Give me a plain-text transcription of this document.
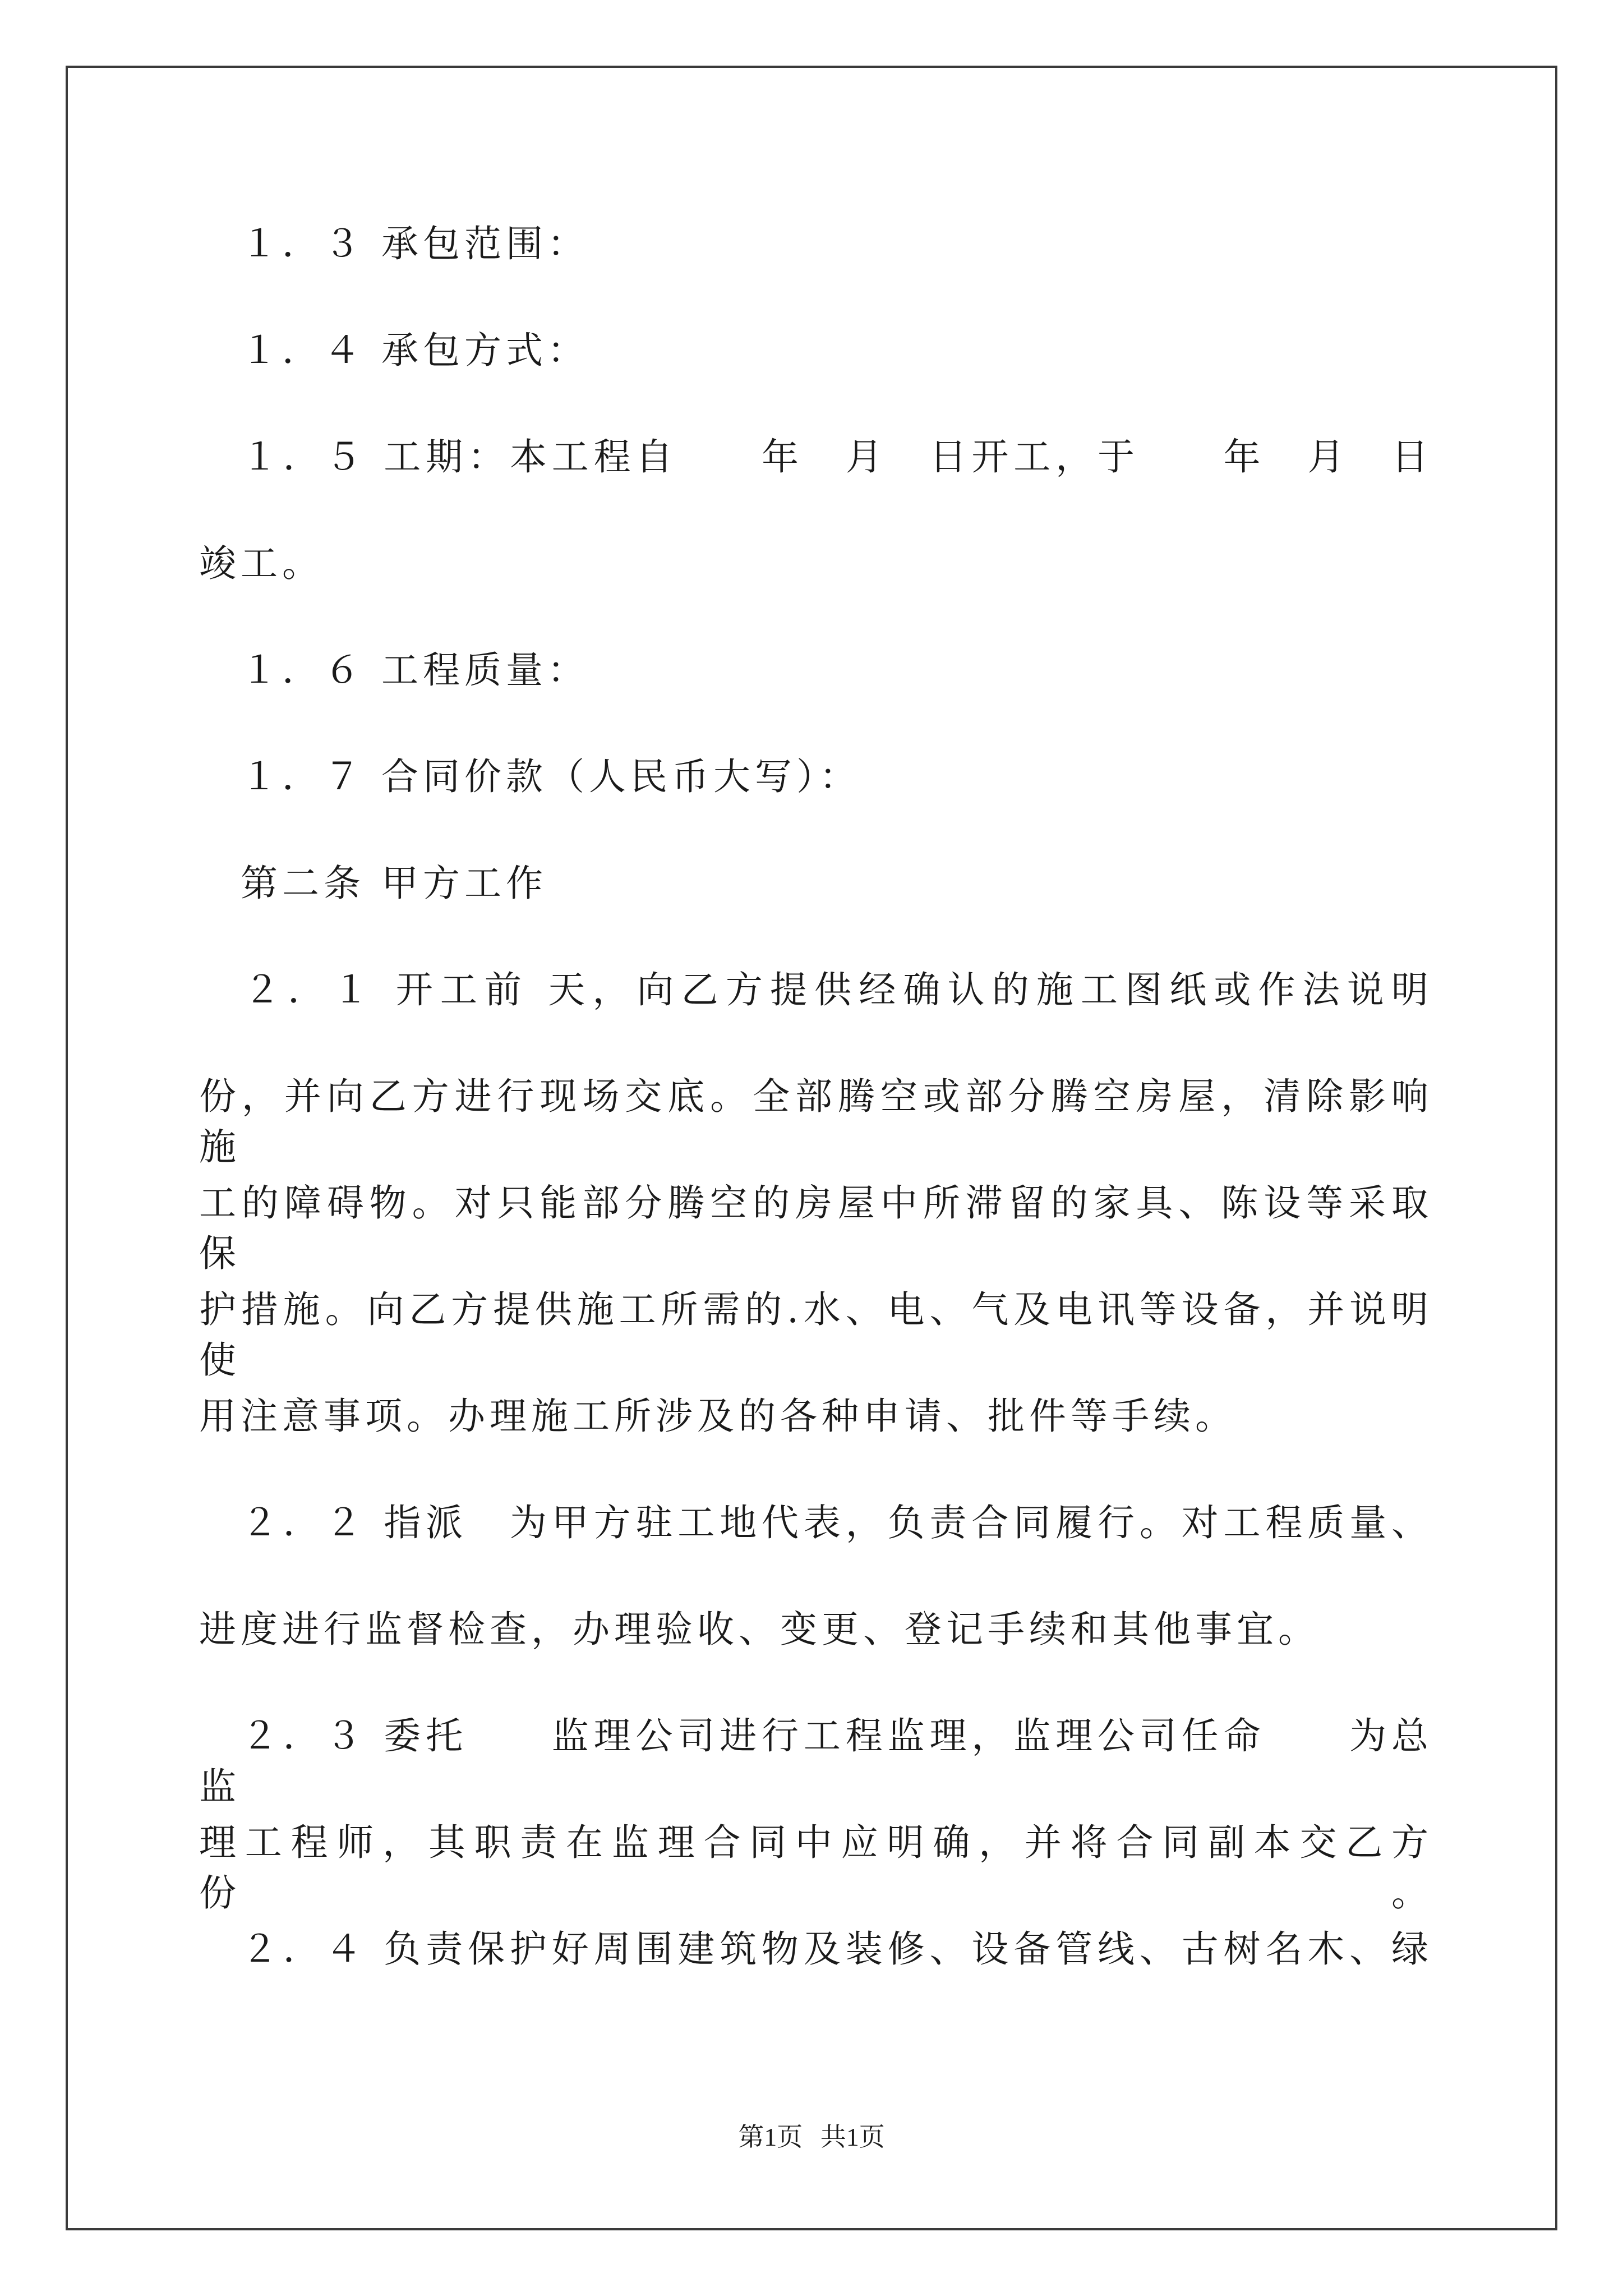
　１．３ 承包范围：
　１．４ 承包方式：
　１．５ 工期：本工程自　　年　月　日开工，于　　年　月　日
竣工。
　１．６ 工程质量：
　１．７ 合同价款（人民币大写）：
　第二条 甲方工作
　２．１ 开工前 天，向乙方提供经确认的施工图纸或作法说明
份，并向乙方进行现场交底。全部腾空或部分腾空房屋，清除影响施
工的障碍物。对只能部分腾空的房屋中所滞留的家具、陈设等采取保
护措施。向乙方提供施工所需的.水、电、气及电讯等设备，并说明使
用注意事项。办理施工所涉及的各种申请、批件等手续。
　２．２ 指派　为甲方驻工地代表，负责合同履行。对工程质量、
进度进行监督检查，办理验收、变更、登记手续和其他事宜。
　２．３ 委托　　监理公司进行工程监理，监理公司任命　　为总监
理工程师，其职责在监理合同中应明确，并将合同副本交乙方　份。
　２．４ 负责保护好周围建筑物及装修、设备管线、古树名木、绿
第1页 共1页
